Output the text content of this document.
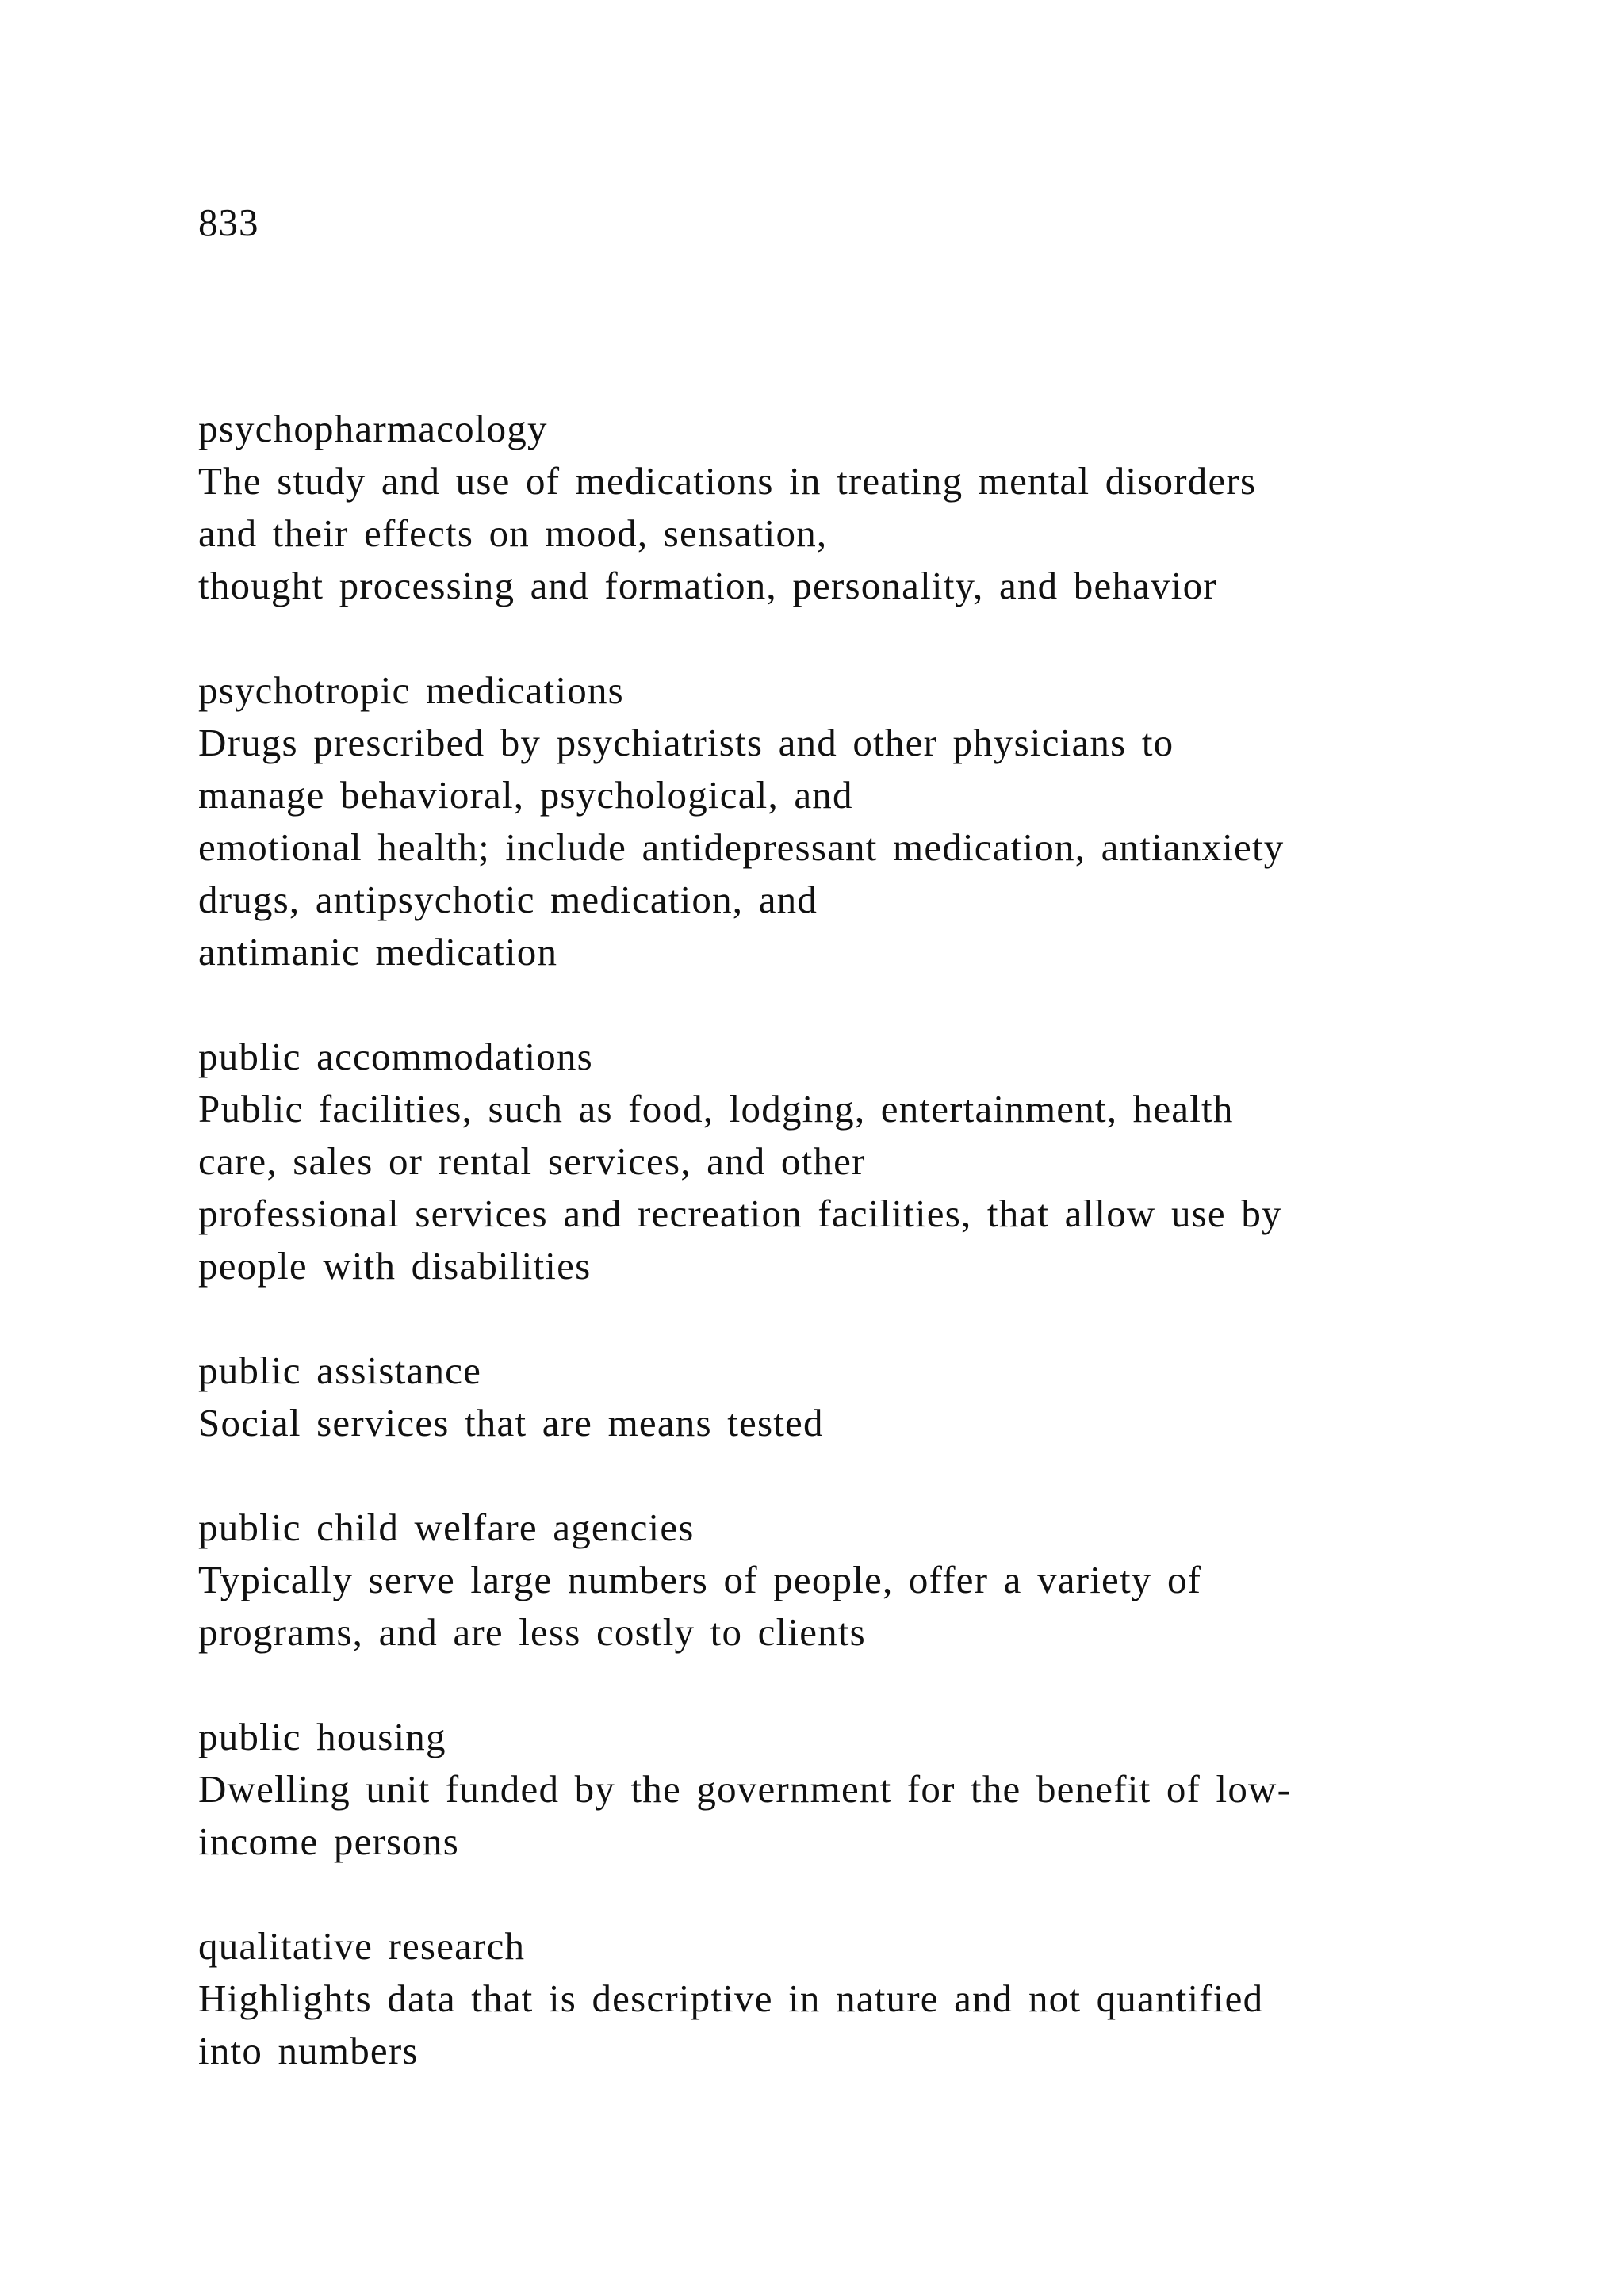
833

psychopharmacology
The study and use of medications in treating mental disorders
and their effects on mood, sensation,
thought processing and formation, personality, and behavior
psychotropic medications
Drugs prescribed by psychiatrists and other physicians to
manage behavioral, psychological, and
emotional health; include antidepressant medication, antianxiety
drugs, antipsychotic medication, and
antimanic medication
public accommodations
Public facilities, such as food, lodging, entertainment, health
care, sales or rental services, and other
professional services and recreation facilities, that allow use by
people with disabilities
public assistance
Social services that are means tested
public child welfare agencies
Typically serve large numbers of people, offer a variety of
programs, and are less costly to clients
public housing
Dwelling unit funded by the government for the benefit of low-
income persons
qualitative research
Highlights data that is descriptive in nature and not quantified
into numbers
